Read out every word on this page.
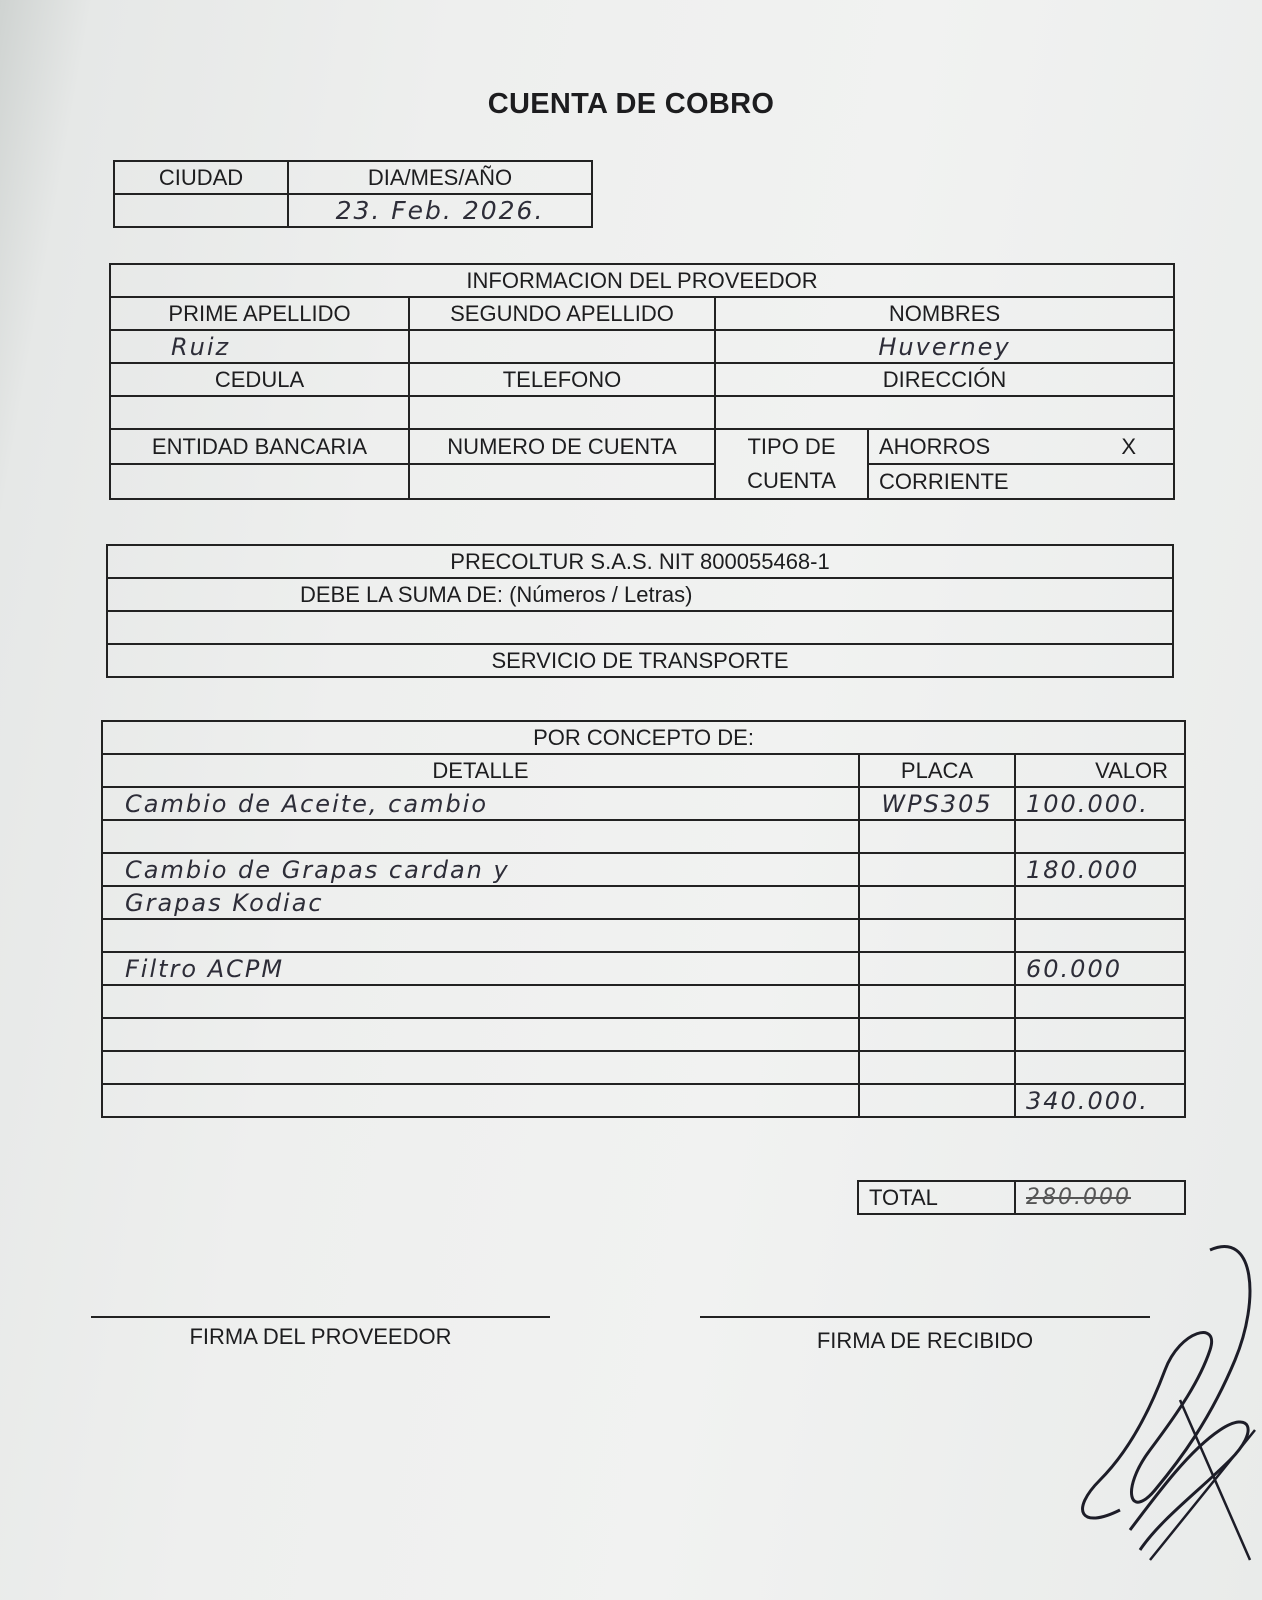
CUENTA DE COBRO
CIUDAD	DIA/MES/AÑO
	23. Feb. 2026.
INFORMACION DEL PROVEEDOR			
PRIME APELLIDO	SEGUNDO APELLIDO	NOMBRES	
Ruiz		Huverney	
CEDULA	TELEFONO	DIRECCIÓN	

ENTIDAD BANCARIA	NUMERO DE CUENTA	TIPO DE CUENTA	AHORROS X
			CORRIENTE
PRECOLTUR S.A.S. NIT 800055468-1
DEBE LA SUMA DE: (Números / Letras)

SERVICIO DE TRANSPORTE
POR CONCEPTO DE:		
DETALLE	PLACA	VALOR
Cambio de Aceite, cambio	WPS305	100.000.

Cambio de Grapas cardan y		180.000
Grapas Kodiac		

Filtro ACPM		60.000

		340.000.
TOTAL	280.000
FIRMA DEL PROVEEDOR	FIRMA DE RECIBIDO
